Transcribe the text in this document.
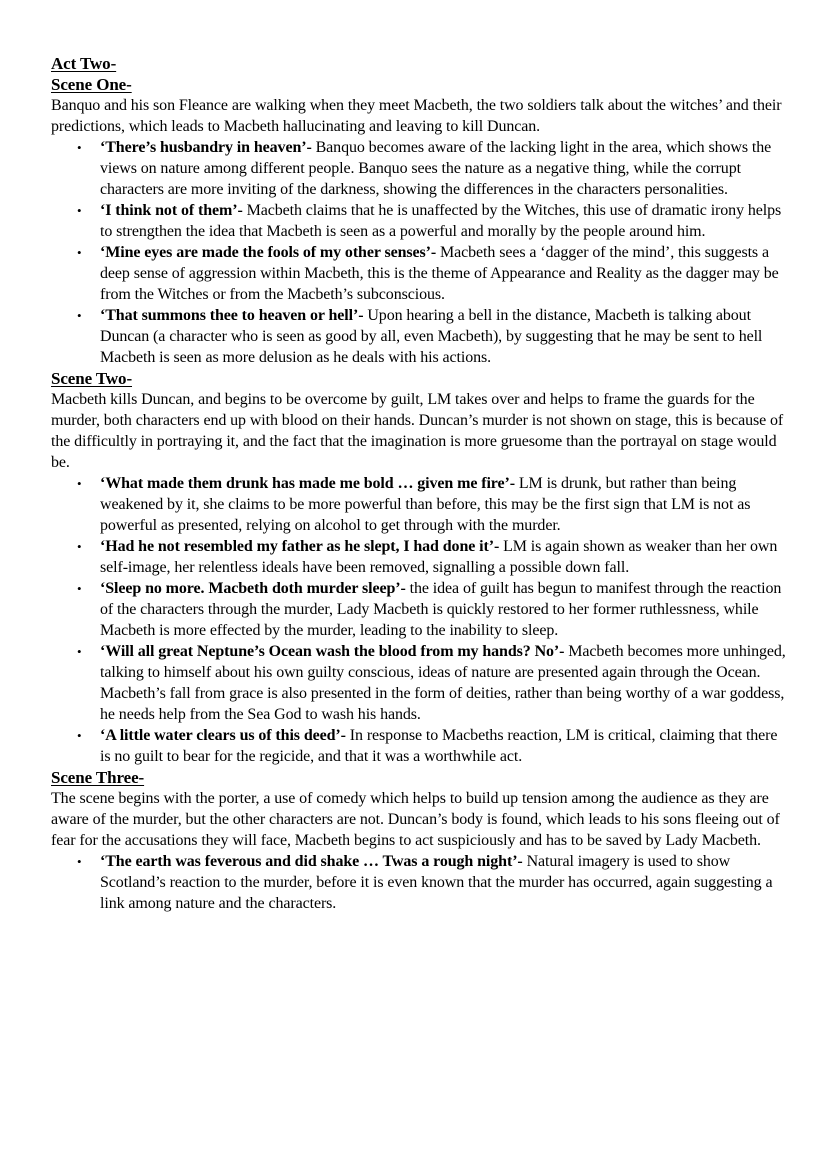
Act Two-
Scene One-

Banquo and his son Fleance are walking when they meet Macbeth, the two soldiers talk about the witches’ and their predictions, which leads to Macbeth hallucinating and leaving to kill Duncan.

• ‘There’s husbandry in heaven’- Banquo becomes aware of the lacking light in the area, which shows the views on nature among different people. Banquo sees the nature as a negative thing, while the corrupt characters are more inviting of the darkness, showing the differences in the characters personalities.
• ‘I think not of them’- Macbeth claims that he is unaffected by the Witches, this use of dramatic irony helps to strengthen the idea that Macbeth is seen as a powerful and morally by the people around him.
• ‘Mine eyes are made the fools of my other senses’- Macbeth sees a ‘dagger of the mind’, this suggests a deep sense of aggression within Macbeth, this is the theme of Appearance and Reality as the dagger may be from the Witches or from the Macbeth’s subconscious.
• ‘That summons thee to heaven or hell’- Upon hearing a bell in the distance, Macbeth is talking about Duncan (a character who is seen as good by all, even Macbeth), by suggesting that he may be sent to hell Macbeth is seen as more delusion as he deals with his actions.
Scene Two-

Macbeth kills Duncan, and begins to be overcome by guilt, LM takes over and helps to frame the guards for the murder, both characters end up with blood on their hands. Duncan’s murder is not shown on stage, this is because of the difficultly in portraying it, and the fact that the imagination is more gruesome than the portrayal on stage would be.

• ‘What made them drunk has made me bold … given me fire’- LM is drunk, but rather than being weakened by it, she claims to be more powerful than before, this may be the first sign that LM is not as powerful as presented, relying on alcohol to get through with the murder.
• ‘Had he not resembled my father as he slept, I had done it’- LM is again shown as weaker than her own self-image, her relentless ideals have been removed, signalling a possible down fall.
• ‘Sleep no more. Macbeth doth murder sleep’- the idea of guilt has begun to manifest through the reaction of the characters through the murder, Lady Macbeth is quickly restored to her former ruthlessness, while Macbeth is more effected by the murder, leading to the inability to sleep.
• ‘Will all great Neptune’s Ocean wash the blood from my hands? No’- Macbeth becomes more unhinged, talking to himself about his own guilty conscious, ideas of nature are presented again through the Ocean. Macbeth’s fall from grace is also presented in the form of deities, rather than being worthy of a war goddess, he needs help from the Sea God to wash his hands.
• ‘A little water clears us of this deed’- In response to Macbeths reaction, LM is critical, claiming that there is no guilt to bear for the regicide, and that it was a worthwhile act.
Scene Three-

The scene begins with the porter, a use of comedy which helps to build up tension among the audience as they are aware of the murder, but the other characters are not. Duncan’s body is found, which leads to his sons fleeing out of fear for the accusations they will face, Macbeth begins to act suspiciously and has to be saved by Lady Macbeth.

• ‘The earth was feverous and did shake … Twas a rough night’- Natural imagery is used to show Scotland’s reaction to the murder, before it is even known that the murder has occurred, again suggesting a link among nature and the characters.
